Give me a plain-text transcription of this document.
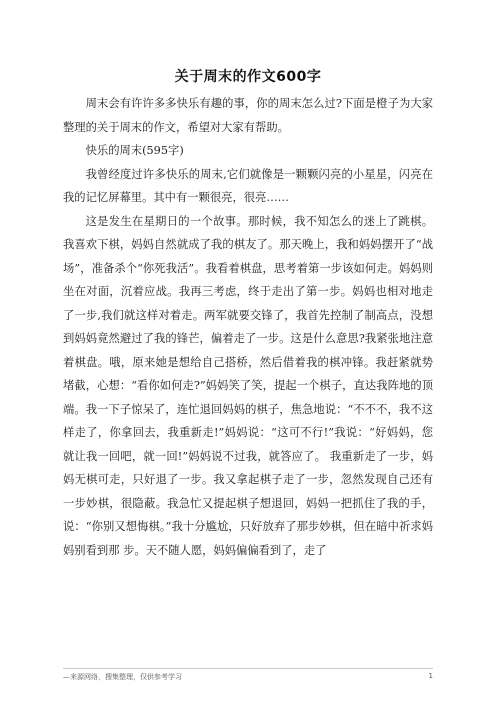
关于周末的作文600字

周末会有许许多多快乐有趣的事，你的周末怎么过?下面是橙子为大家整理的关于周末的作文，希望对大家有帮助。

快乐的周末(595字)

我曾经度过许多快乐的周末,它们就像是一颗颗闪亮的小星星，闪亮在我的记忆屏幕里。其中有一颗很亮，很亮……

这是发生在星期日的一个故事。那时候，我不知怎么的迷上了跳棋。我喜欢下棋，妈妈自然就成了我的棋友了。那天晚上，我和妈妈摆开了“战场”，准备杀个“你死我活”。我看着棋盘，思考着第一步该如何走。妈妈则坐在对面，沉着应战。我再三考虑，终于走出了第一步。妈妈也相对地走了一步,我们就这样对着走。两军就要交锋了，我首先控制了制高点，没想到妈妈竟然避过了我的锋芒，偏着走了一步。这是什么意思?我紧张地注意着棋盘。哦，原来她是想给自己搭桥，然后借着我的棋冲锋。我赶紧就势堵截，心想：“看你如何走?”妈妈笑了笑，提起一个棋子，直达我阵地的顶端。我一下子惊呆了，连忙退回妈妈的棋子，焦急地说：“不不不，我不这样走了，你拿回去，我重新走!”妈妈说：“这可不行!”我说：“好妈妈，您就让我一回吧，就一回!”妈妈说不过我，就答应了。 我重新走了一步，妈妈无棋可走，只好退了一步。我又拿起棋子走了一步，忽然发现自己还有一步妙棋，很隐蔽。我急忙又提起棋子想退回，妈妈一把抓住了我的手，说：“你别又想悔棋。”我十分尴尬，只好放弃了那步妙棋，但在暗中祈求妈妈别看到那 步。天不随人愿，妈妈偏偏看到了，走了

—来源网络，搜集整理，仅供参考学习	1
